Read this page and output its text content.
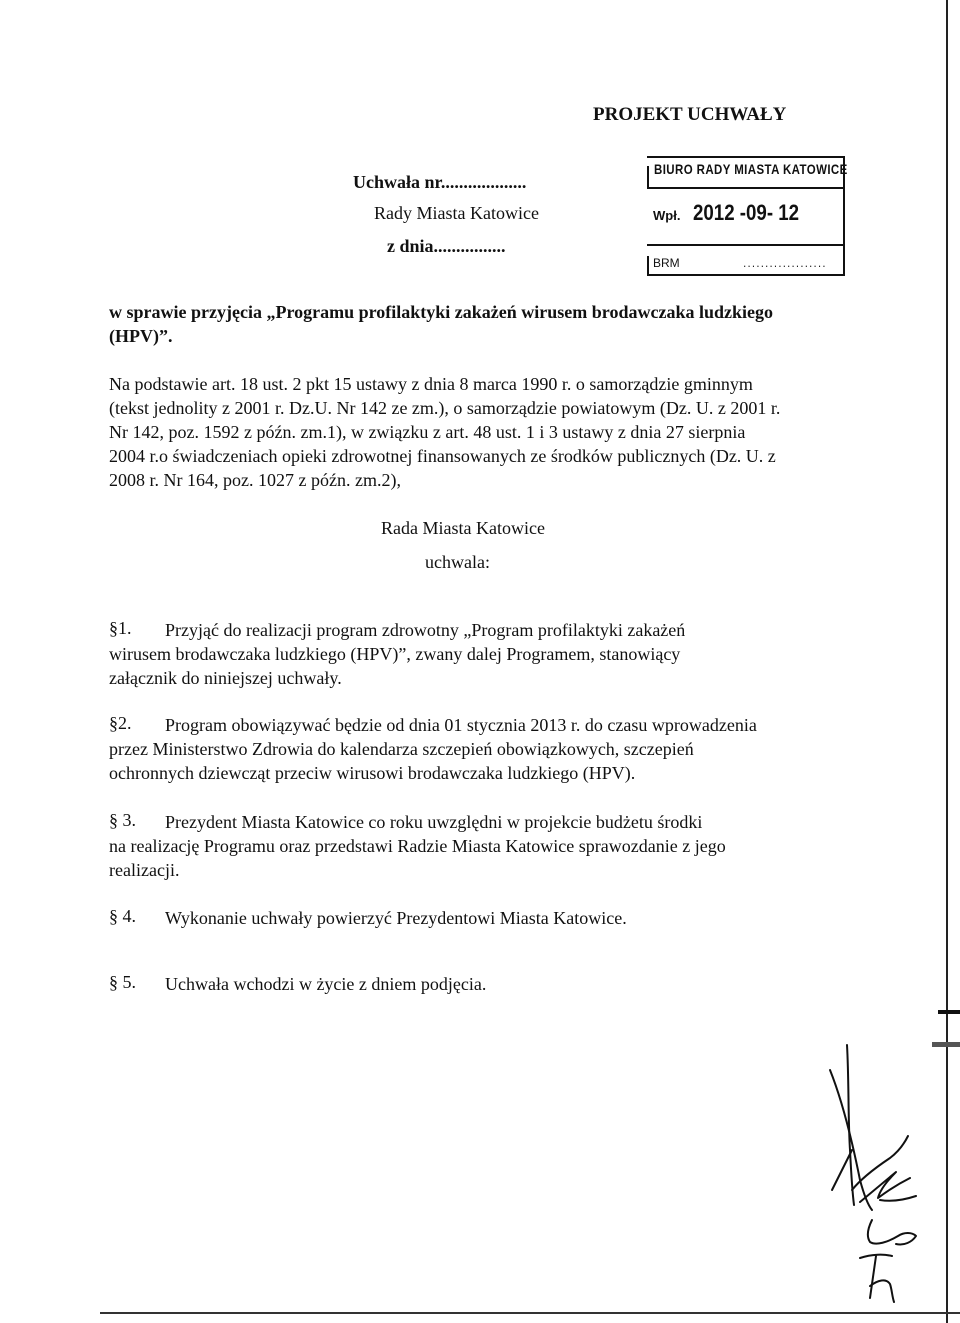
PROJEKT UCHWAŁY
Uchwała nr...................
Rady Miasta Katowice
z dnia................
BIURO RADY MIASTA KATOWICE
Wpł. 2012 -09- 12
BRM	...................
w sprawie przyjęcia „Programu profilaktyki zakażeń wirusem brodawczaka ludzkiego
(HPV)”.
Na podstawie art. 18 ust. 2 pkt 15 ustawy z dnia 8 marca 1990 r. o samorządzie gminnym
(tekst jednolity z 2001 r. Dz.U. Nr 142 ze zm.), o samorządzie powiatowym (Dz. U. z 2001 r.
Nr 142, poz. 1592 z późn. zm.1), w związku z art. 48 ust. 1 i 3 ustawy z dnia 27 sierpnia
2004 r.o świadczeniach opieki zdrowotnej finansowanych ze środków publicznych (Dz. U. z
2008 r. Nr 164, poz. 1027 z późn. zm.2),
Rada Miasta Katowice
uchwala:
§1.	Przyjąć do realizacji program zdrowotny „Program profilaktyki zakażeń
wirusem brodawczaka ludzkiego (HPV)”, zwany dalej Programem, stanowiący
załącznik do niniejszej uchwały.
§2.	Program obowiązywać będzie od dnia 01 stycznia 2013 r. do czasu wprowadzenia
przez Ministerstwo Zdrowia do kalendarza szczepień obowiązkowych, szczepień
ochronnych dziewcząt przeciw wirusowi brodawczaka ludzkiego (HPV).
§ 3.	Prezydent Miasta Katowice co roku uwzględni w projekcie budżetu środki
na realizację Programu oraz przedstawi Radzie Miasta Katowice sprawozdanie z jego
realizacji.
§ 4.	Wykonanie uchwały powierzyć Prezydentowi Miasta Katowice.
§ 5.	Uchwała wchodzi w życie z dniem podjęcia.
